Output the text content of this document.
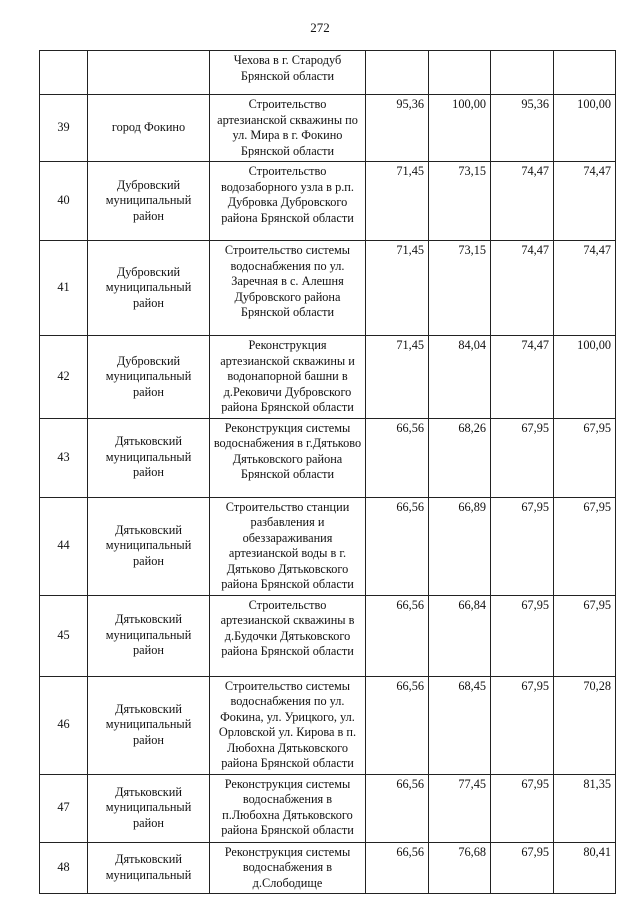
272
		Чехова в г. Стародуб Брянской области				
39	город Фокино	Строительство артезианской скважины по ул. Мира в г. Фокино Брянской области	95,36	100,00	95,36	100,00
40	Дубровский муниципальный район	Строительство водозаборного узла в р.п. Дубровка Дубровского района Брянской области	71,45	73,15	74,47	74,47
41	Дубровский муниципальный район	Строительство системы водоснабжения по ул. Заречная в с. Алешня Дубровского района Брянской области	71,45	73,15	74,47	74,47
42	Дубровский муниципальный район	Реконструкция артезианской скважины и водонапорной башни в д.Рековичи Дубровского района Брянской области	71,45	84,04	74,47	100,00
43	Дятьковский муниципальный район	Реконструкция системы водоснабжения в г.Дятьково Дятьковского района Брянской области	66,56	68,26	67,95	67,95
44	Дятьковский муниципальный район	Строительство станции разбавления и обеззараживания артезианской воды в г. Дятьково Дятьковского района Брянской области	66,56	66,89	67,95	67,95
45	Дятьковский муниципальный район	Строительство артезианской скважины в д.Будочки Дятьковского района Брянской области	66,56	66,84	67,95	67,95
46	Дятьковский муниципальный район	Строительство системы водоснабжения по ул. Фокина, ул. Урицкого, ул. Орловской ул. Кирова в п. Любохна Дятьковского района Брянской области	66,56	68,45	67,95	70,28
47	Дятьковский муниципальный район	Реконструкция системы водоснабжения в п.Любохна Дятьковского района Брянской области	66,56	77,45	67,95	81,35
48	Дятьковский муниципальный	Реконструкция системы водоснабжения в д.Слободище	66,56	76,68	67,95	80,41
